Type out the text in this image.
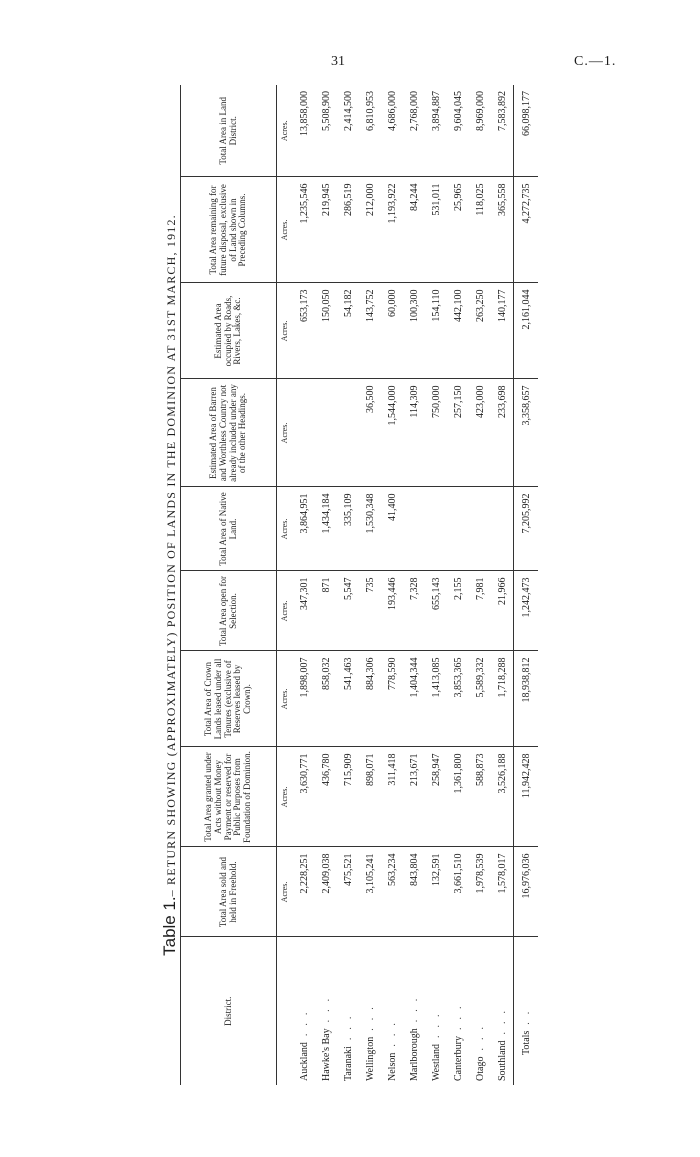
31	C.—1.
Table 1.– RETURN SHOWING (APPROXIMATELY) POSITION OF LANDS IN THE DOMINION AT 31ST MARCH, 1912.
District.	Total Area sold and held in Freehold.	Total Area granted under Acts without Money Payment or reserved for Public Purposes from Foundation of Dominion.	Total Area of Crown Lands leased under all Tenures (exclusive of Reserves leased by Crown).	Total Area open for Selection.	Total Area of Native Land.	Estimated Area of Barren and Worthless Country not already included under any of the other Headings.	Estimated Area occupied by Roads, Rivers, Lakes, &c.	Total Area remaining for future disposal, exclusive of Land shown in Preceding Columns.	Total Area in Land District.
	Acres.	Acres.	Acres.	Acres.	Acres.	Acres.	Acres.	Acres.	Acres.
Auckland...	2,228,251	3,630,771	1,898,007	347,301	3,864,951		653,173	1,235,546	13,858,000
Hawke's Bay...	2,409,038	436,780	858,032	871	1,434,184		150,050	219,945	5,508,900
Taranaki...	475,521	715,909	541,463	5,547	335,109		54,182	286,519	2,414,500
Wellington...	3,105,241	898,071	884,306	735	1,530,348	36,500	143,752	212,000	6,810,953
Nelson...	563,234	311,418	778,590	193,446	41,400	1,544,000	60,000	1,193,922	4,686,000
Marlborough...	843,804	213,671	1,404,344	7,328		114,309	100,300	84,244	2,768,000
Westland...	132,591	258,947	1,413,085	655,143		750,000	154,110	531,011	3,894,887
Canterbury...	3,661,510	1,361,800	3,853,365	2,155		257,150	442,100	25,965	9,604,045
Otago...	1,978,539	588,873	5,589,332	7,981		423,000	263,250	118,025	8,969,000
Southland...	1,578,017	3,526,188	1,718,288	21,966		233,698	140,177	365,558	7,583,892
Totals..	16,976,036	11,942,428	18,938,812	1,242,473	7,205,992	3,358,657	2,161,044	4,272,735	66,098,177
